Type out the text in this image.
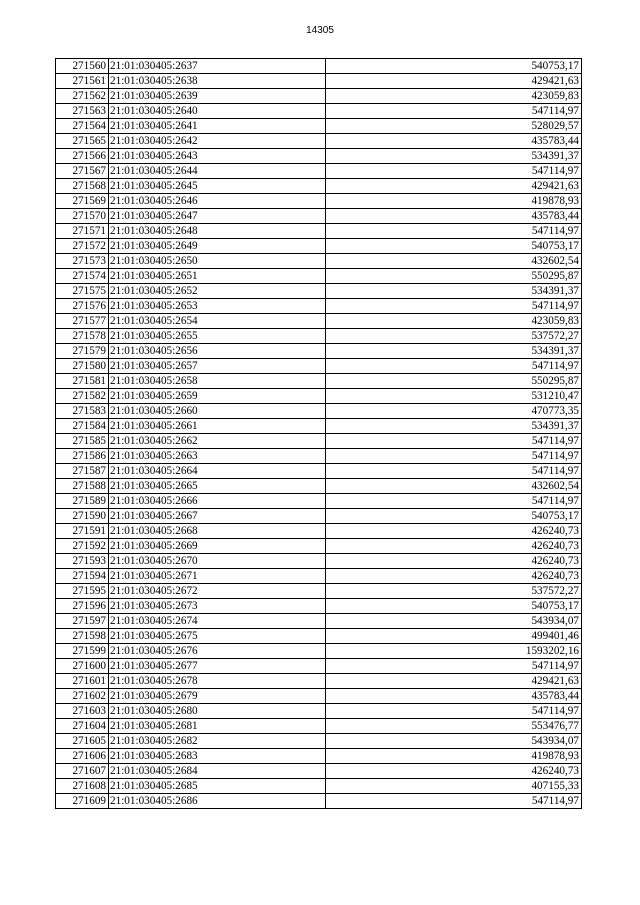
14305
271560	21:01:030405:2637	540753,17
271561	21:01:030405:2638	429421,63
271562	21:01:030405:2639	423059,83
271563	21:01:030405:2640	547114,97
271564	21:01:030405:2641	528029,57
271565	21:01:030405:2642	435783,44
271566	21:01:030405:2643	534391,37
271567	21:01:030405:2644	547114,97
271568	21:01:030405:2645	429421,63
271569	21:01:030405:2646	419878,93
271570	21:01:030405:2647	435783,44
271571	21:01:030405:2648	547114,97
271572	21:01:030405:2649	540753,17
271573	21:01:030405:2650	432602,54
271574	21:01:030405:2651	550295,87
271575	21:01:030405:2652	534391,37
271576	21:01:030405:2653	547114,97
271577	21:01:030405:2654	423059,83
271578	21:01:030405:2655	537572,27
271579	21:01:030405:2656	534391,37
271580	21:01:030405:2657	547114,97
271581	21:01:030405:2658	550295,87
271582	21:01:030405:2659	531210,47
271583	21:01:030405:2660	470773,35
271584	21:01:030405:2661	534391,37
271585	21:01:030405:2662	547114,97
271586	21:01:030405:2663	547114,97
271587	21:01:030405:2664	547114,97
271588	21:01:030405:2665	432602,54
271589	21:01:030405:2666	547114,97
271590	21:01:030405:2667	540753,17
271591	21:01:030405:2668	426240,73
271592	21:01:030405:2669	426240,73
271593	21:01:030405:2670	426240,73
271594	21:01:030405:2671	426240,73
271595	21:01:030405:2672	537572,27
271596	21:01:030405:2673	540753,17
271597	21:01:030405:2674	543934,07
271598	21:01:030405:2675	499401,46
271599	21:01:030405:2676	1593202,16
271600	21:01:030405:2677	547114,97
271601	21:01:030405:2678	429421,63
271602	21:01:030405:2679	435783,44
271603	21:01:030405:2680	547114,97
271604	21:01:030405:2681	553476,77
271605	21:01:030405:2682	543934,07
271606	21:01:030405:2683	419878,93
271607	21:01:030405:2684	426240,73
271608	21:01:030405:2685	407155,33
271609	21:01:030405:2686	547114,97
